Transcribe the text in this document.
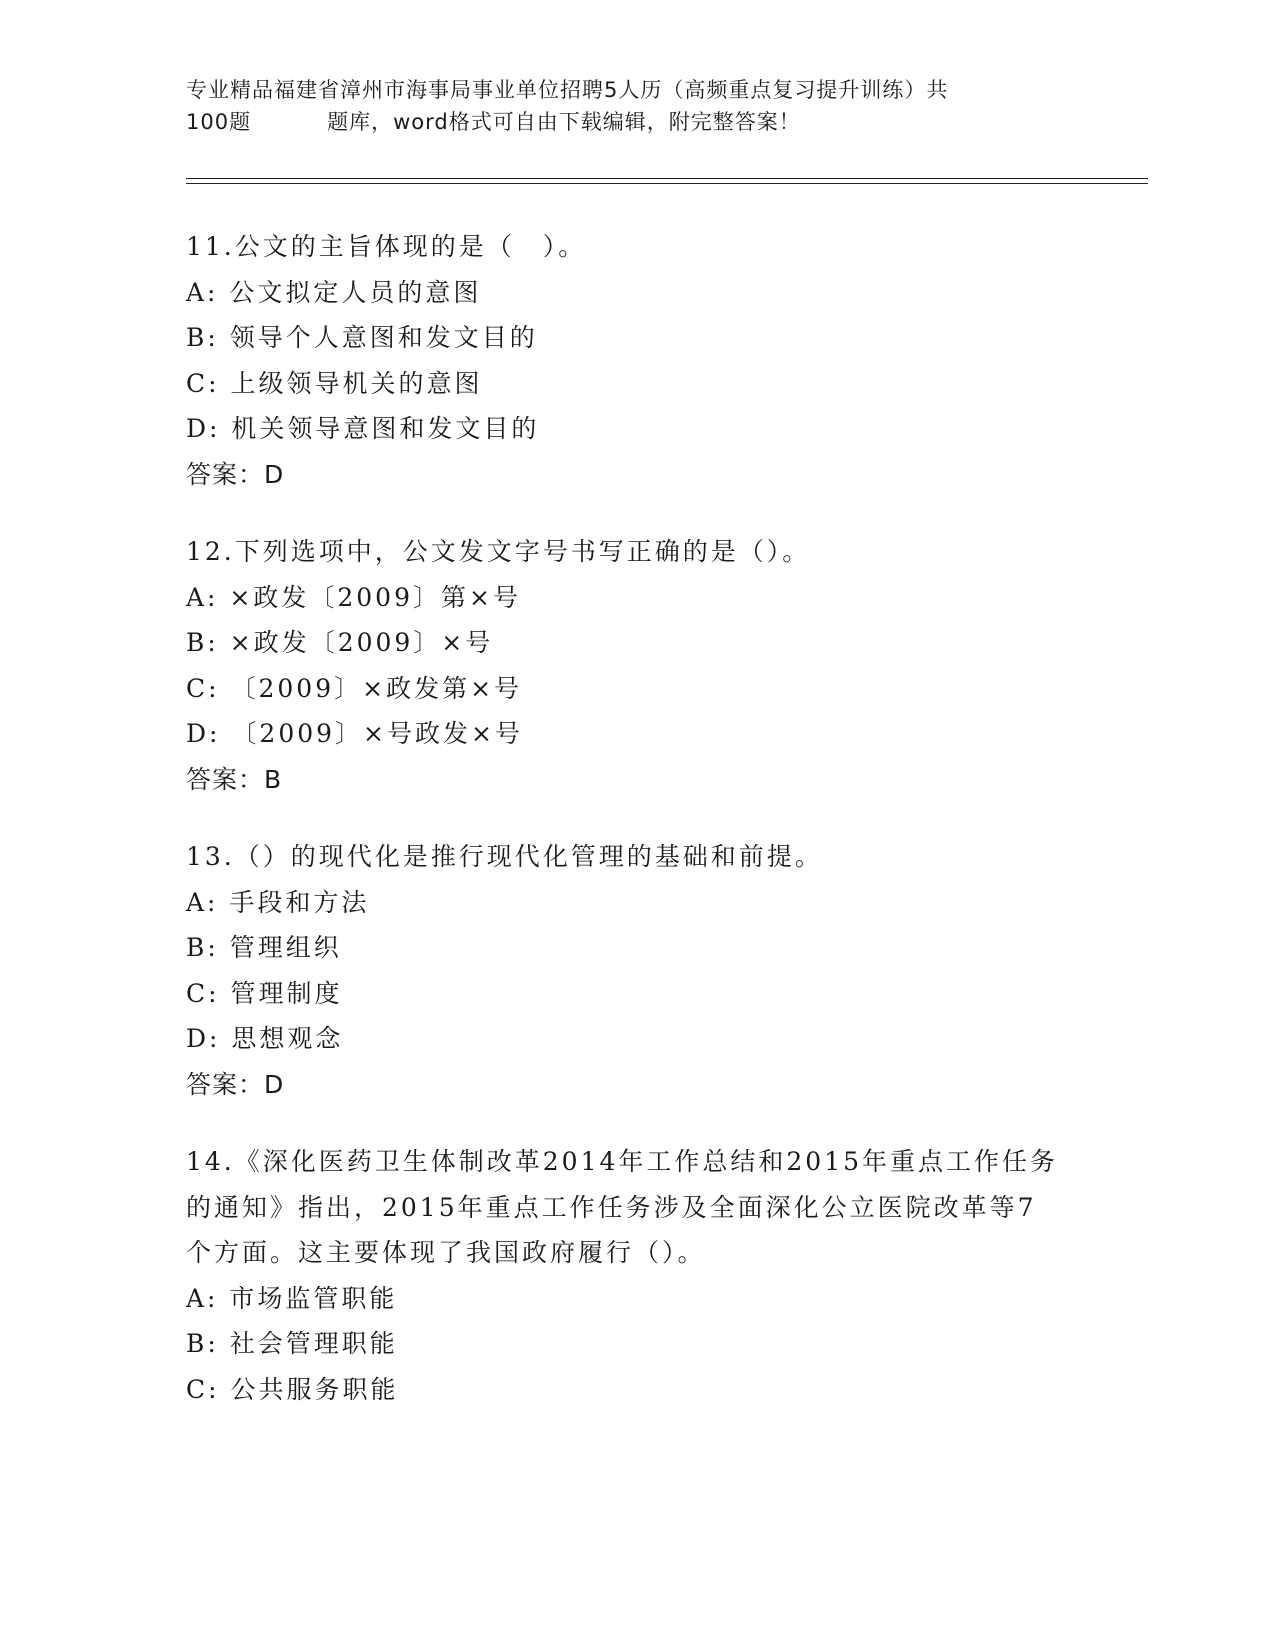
专业精品福建省漳州市海事局事业单位招聘5人历（高频重点复习提升训练）共
100题	题库，word格式可自由下载编辑，附完整答案！
11.公文的主旨体现的是（　）。
A: 公文拟定人员的意图
B: 领导个人意图和发文目的
C: 上级领导机关的意图
D: 机关领导意图和发文目的
答案：D
12.下列选项中，公文发文字号书写正确的是（）。
A: ×政发〔2009〕第×号
B: ×政发〔2009〕×号
C: 〔2009〕×政发第×号
D: 〔2009〕×号政发×号
答案：B
13.（）的现代化是推行现代化管理的基础和前提。
A: 手段和方法
B: 管理组织
C: 管理制度
D: 思想观念
答案：D
14.《深化医药卫生体制改革2014年工作总结和2015年重点工作任务
的通知》指出，2015年重点工作任务涉及全面深化公立医院改革等7
个方面。这主要体现了我国政府履行（）。
A: 市场监管职能
B: 社会管理职能
C: 公共服务职能
